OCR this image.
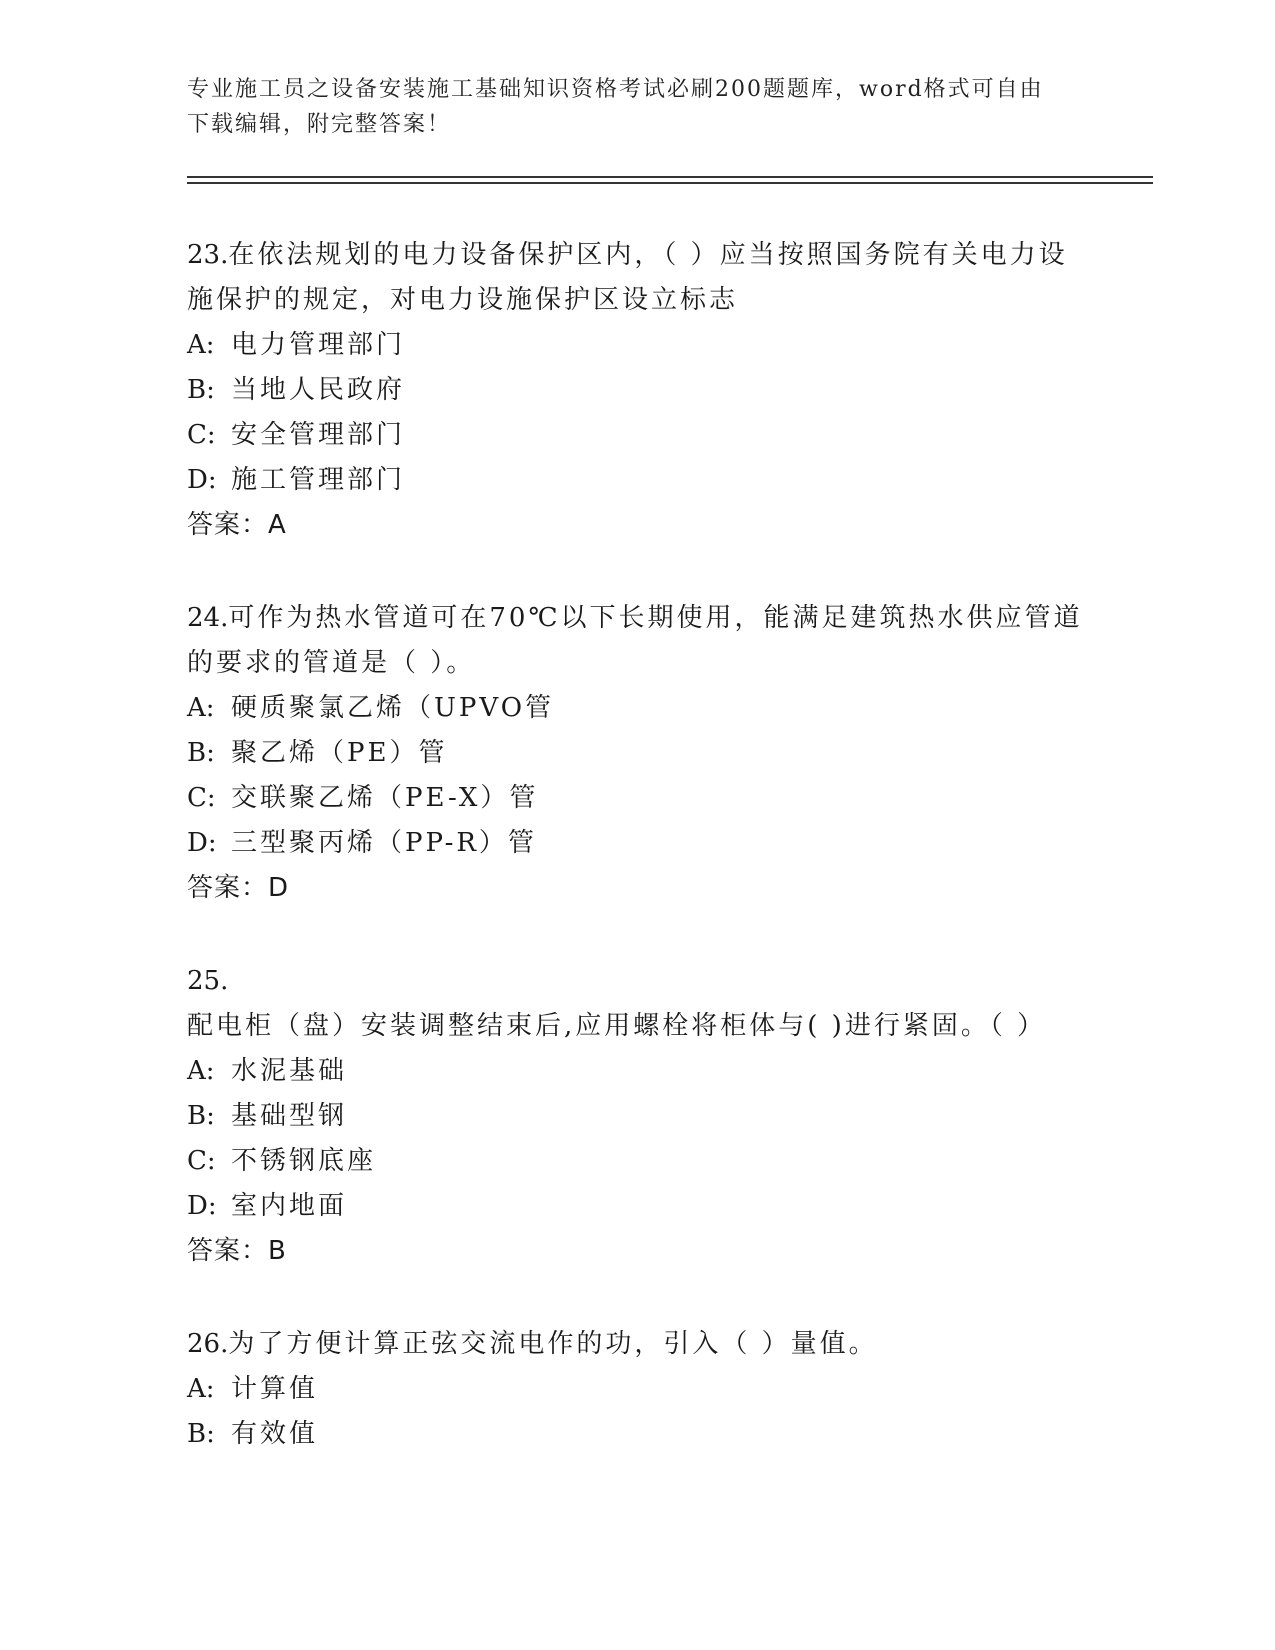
专业施工员之设备安装施工基础知识资格考试必刷200题题库，word格式可自由下载编辑，附完整答案！

23.在依法规划的电力设备保护区内，（ ）应当按照国务院有关电力设施保护的规定，对电力设施保护区设立标志

A: 电力管理部门
B: 当地人民政府
C: 安全管理部门
D: 施工管理部门
答案：A

24.可作为热水管道可在70℃以下长期使用，能满足建筑热水供应管道的要求的管道是（ ）。

A: 硬质聚氯乙烯（UPVO管
B: 聚乙烯（PE）管
C: 交联聚乙烯（PE-X）管
D: 三型聚丙烯（PP-R）管
答案：D

25.配电柜（盘）安装调整结束后,应用螺栓将柜体与( )进行紧固。（ ）

A: 水泥基础
B: 基础型钢
C: 不锈钢底座
D: 室内地面
答案：B

26.为了方便计算正弦交流电作的功，引入（ ）量值。

A: 计算值
B: 有效值
